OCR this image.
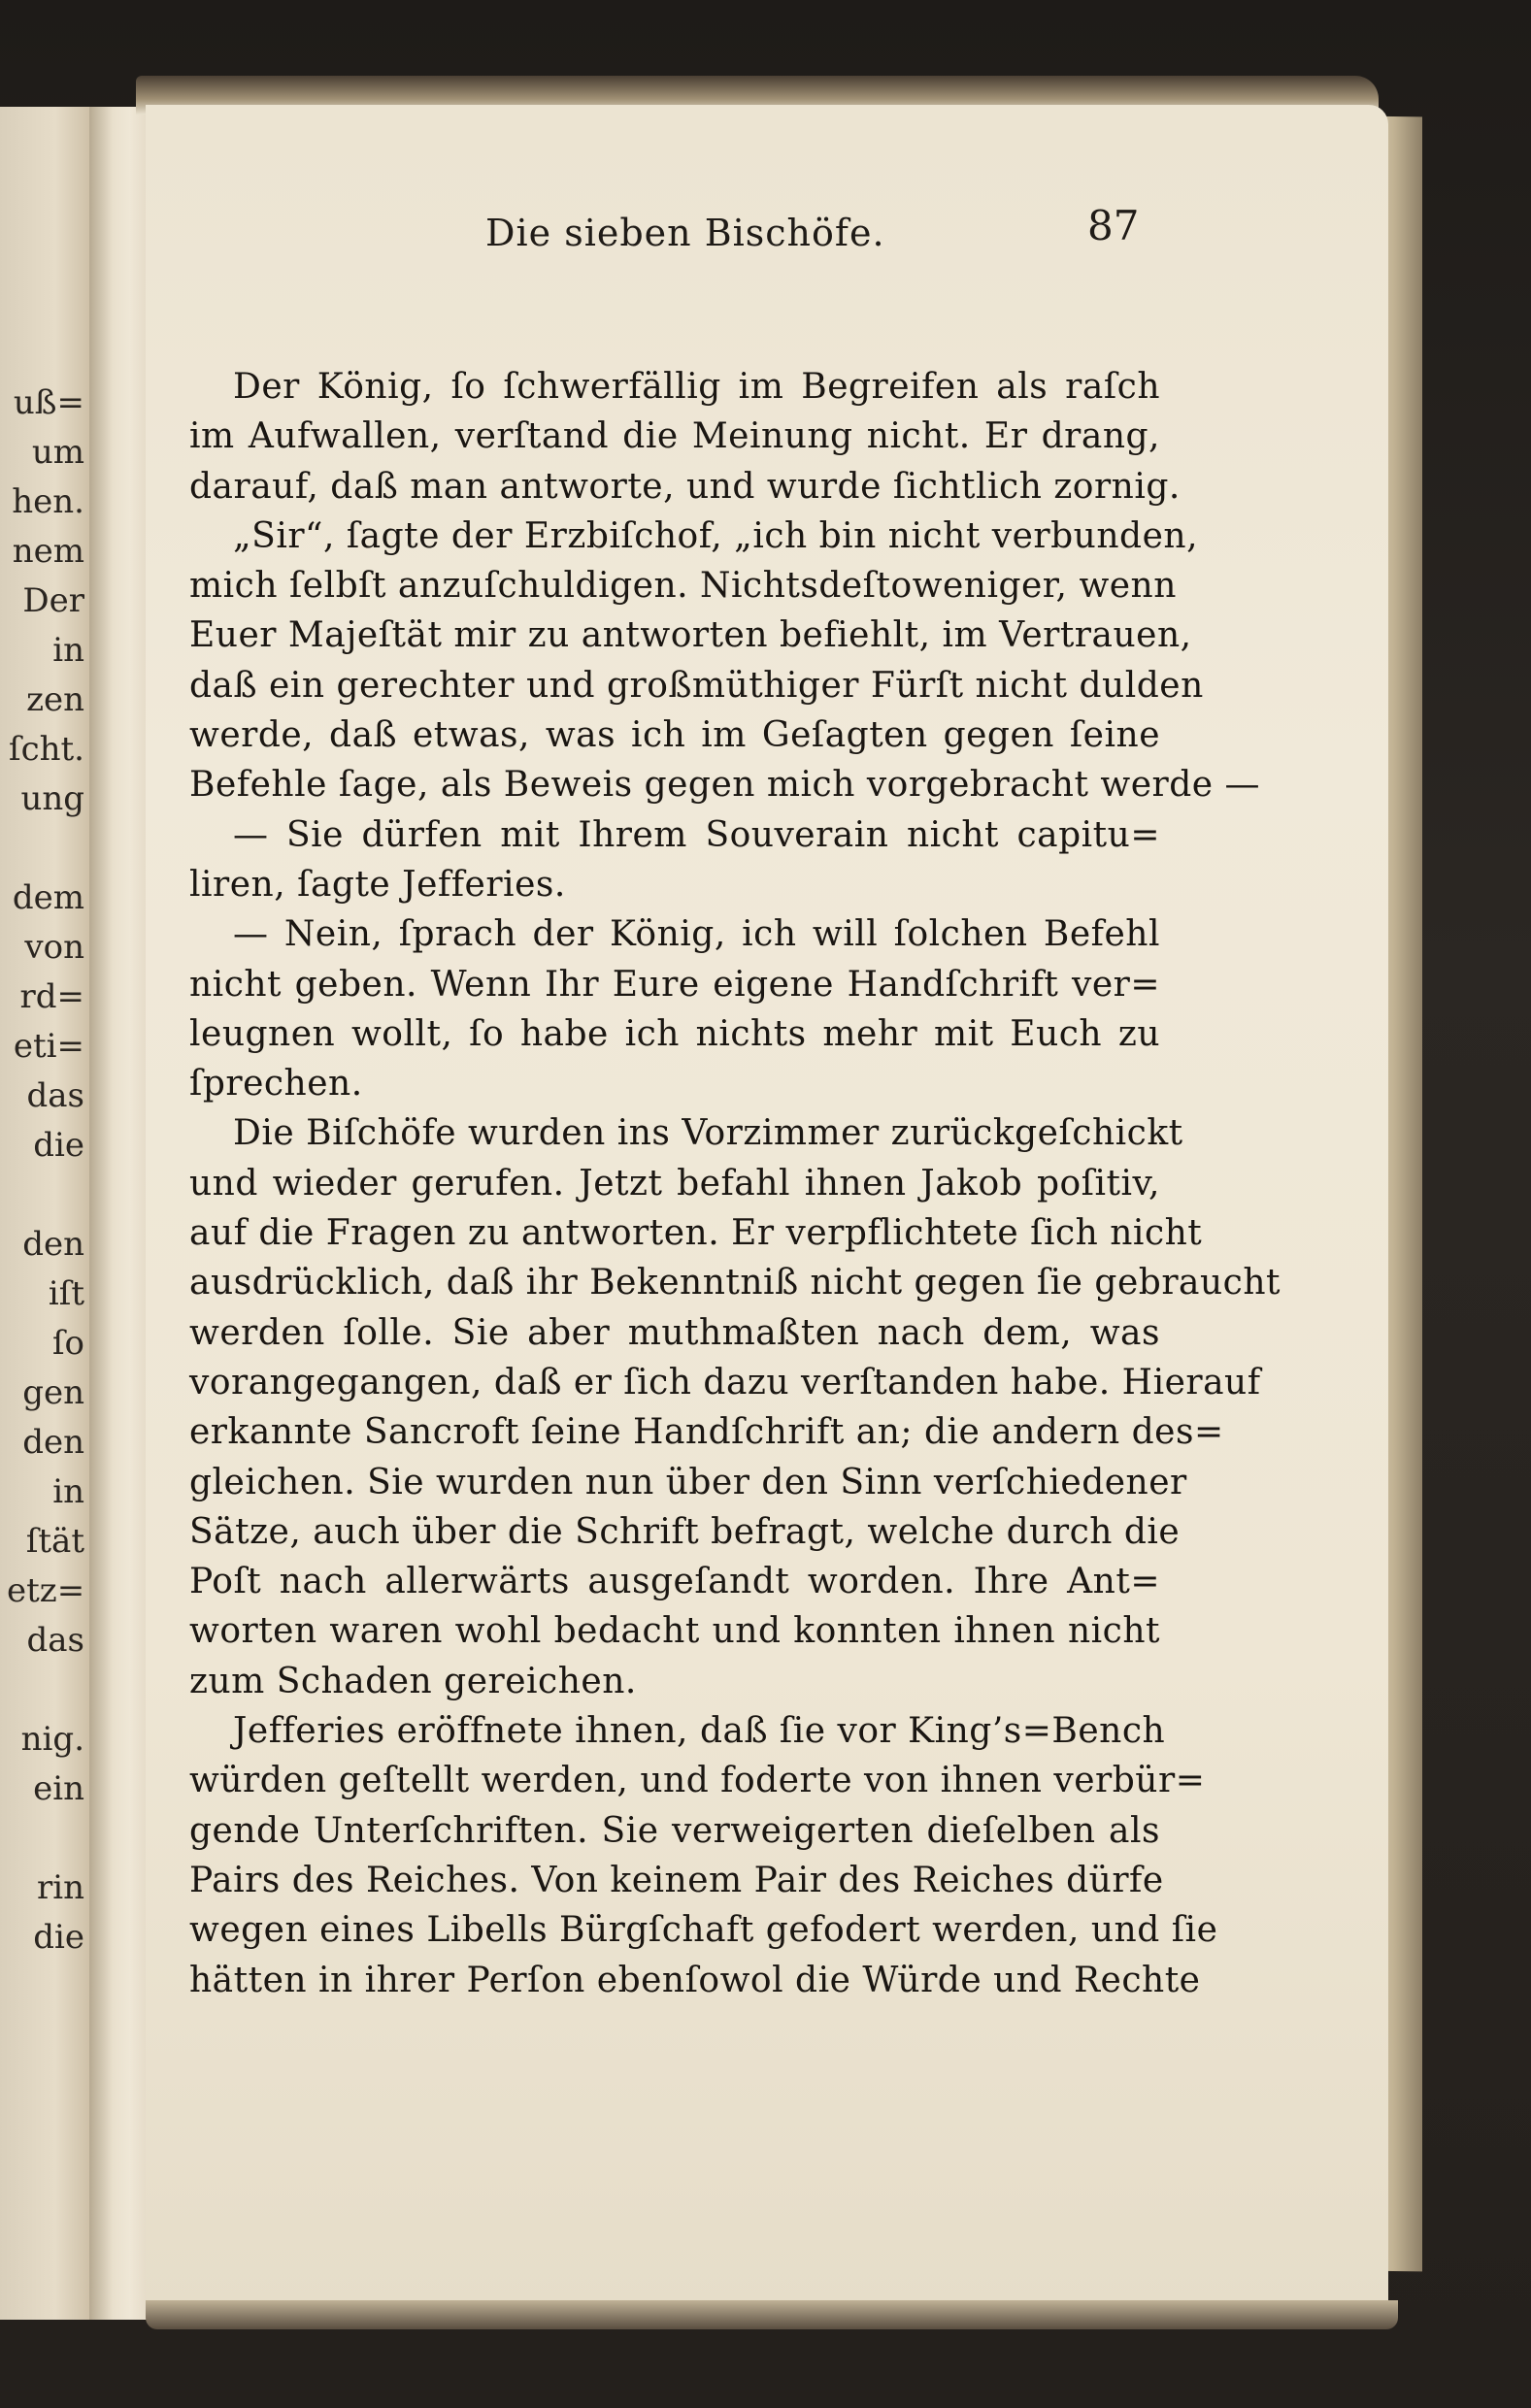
uß=
um
hen.
nem
Der
in
zen
ſcht.
ung
dem
von
rd=
eti=
das
die
den
iſt
ſo
gen
den
in
ſtät
etz=
das
nig.
ein
rin
die
Die sieben Bischöfe.	87
Der König, ſo ſchwerfällig im Begreifen als raſch
im Aufwallen, verſtand die Meinung nicht. Er drang,
darauf, daß man antworte, und wurde ſichtlich zornig.
„Sir“, ſagte der Erzbiſchof, „ich bin nicht verbunden,
mich ſelbſt anzuſchuldigen. Nichtsdeſtoweniger, wenn
Euer Majeſtät mir zu antworten befiehlt, im Vertrauen,
daß ein gerechter und großmüthiger Fürſt nicht dulden
werde, daß etwas, was ich im Geſagten gegen ſeine
Befehle ſage, als Beweis gegen mich vorgebracht werde —
— Sie dürfen mit Ihrem Souverain nicht capitu=
liren, ſagte Jefferies.
— Nein, ſprach der König, ich will ſolchen Befehl
nicht geben. Wenn Ihr Eure eigene Handſchrift ver=
leugnen wollt, ſo habe ich nichts mehr mit Euch zu
ſprechen.
Die Biſchöfe wurden ins Vorzimmer zurückgeſchickt
und wieder gerufen. Jetzt befahl ihnen Jakob poſitiv,
auf die Fragen zu antworten. Er verpflichtete ſich nicht
ausdrücklich, daß ihr Bekenntniß nicht gegen ſie gebraucht
werden ſolle. Sie aber muthmaßten nach dem, was
vorangegangen, daß er ſich dazu verſtanden habe. Hierauf
erkannte Sancroft ſeine Handſchrift an; die andern des=
gleichen. Sie wurden nun über den Sinn verſchiedener
Sätze, auch über die Schrift befragt, welche durch die
Poſt nach allerwärts ausgeſandt worden. Ihre Ant=
worten waren wohl bedacht und konnten ihnen nicht
zum Schaden gereichen.
Jefferies eröffnete ihnen, daß ſie vor King’s=Bench
würden geſtellt werden, und foderte von ihnen verbür=
gende Unterſchriften. Sie verweigerten dieſelben als
Pairs des Reiches. Von keinem Pair des Reiches dürfe
wegen eines Libells Bürgſchaft gefodert werden, und ſie
hätten in ihrer Perſon ebenſowol die Würde und Rechte
